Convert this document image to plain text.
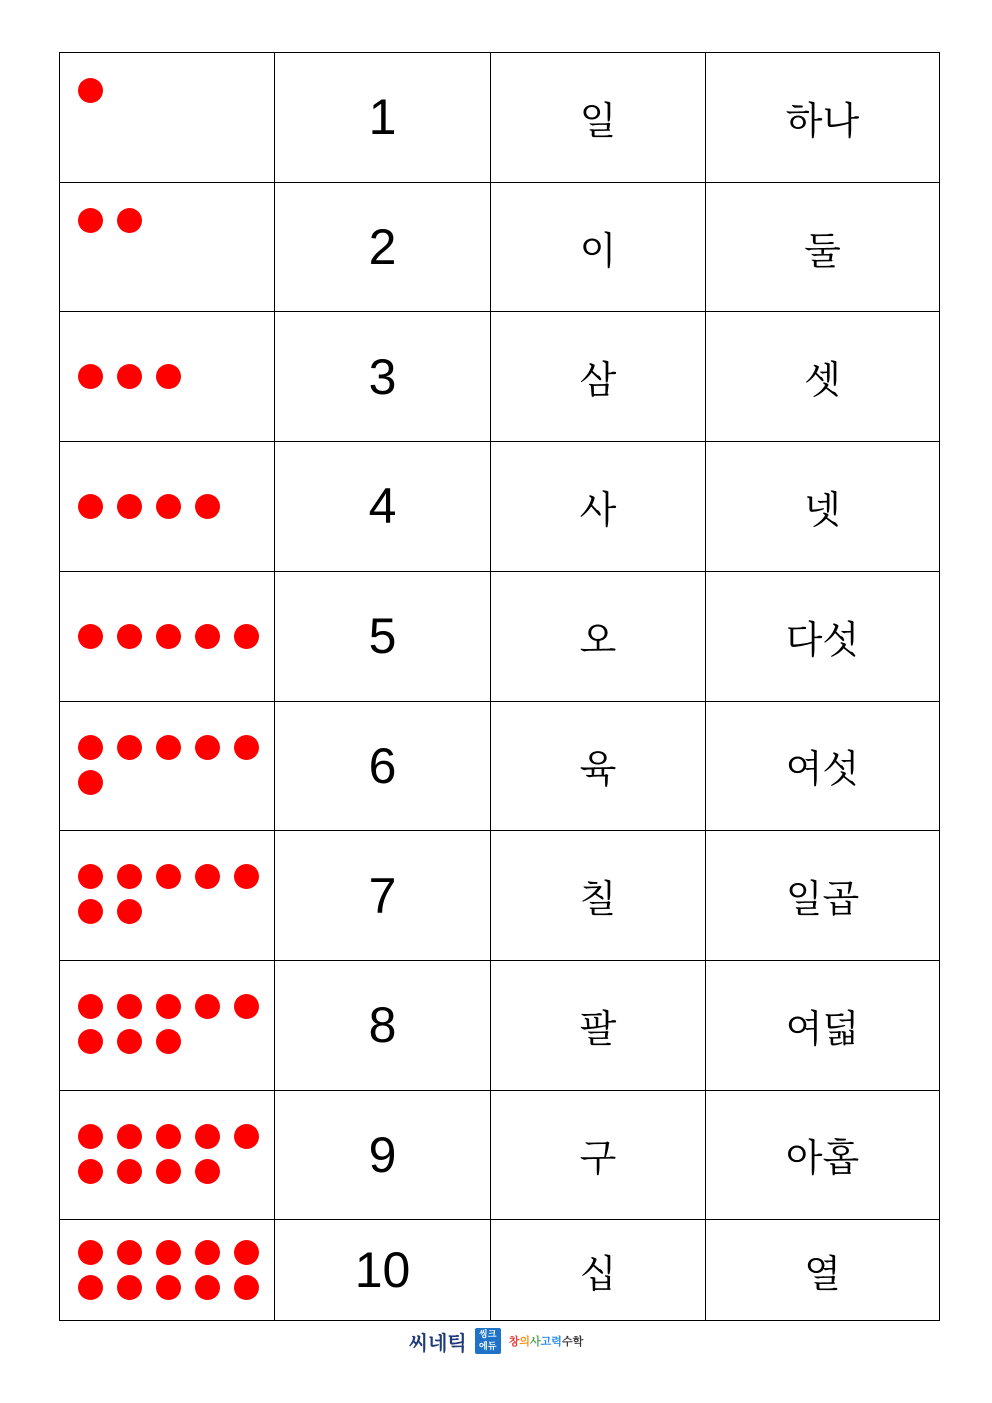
	1	일	하나

	2	이	둘

	3	삼	셋

	4	사	넷

	5	오	다섯

	6	육	여섯

	7	칠	일곱

	8	팔	여덟

	9	구	아홉

	10	십	열
씨네틱 씽크
에듀 창의사고력수학
